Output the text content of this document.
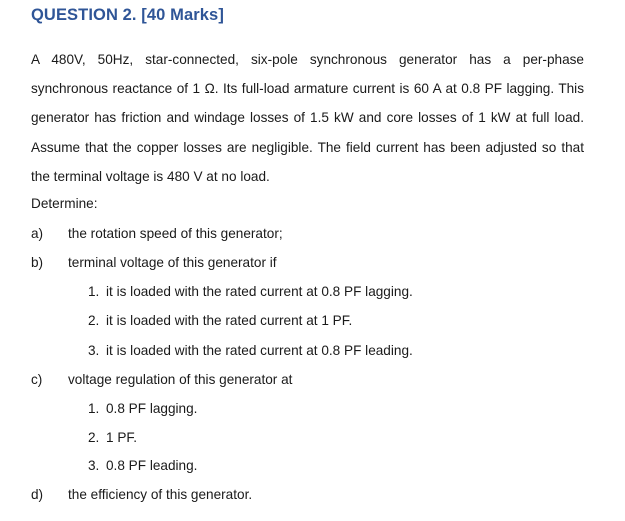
QUESTION 2. [40 Marks]
A 480V, 50Hz, star-connected, six-pole synchronous generator has a per-phase synchronous reactance of 1 Ω. Its full-load armature current is 60 A at 0.8 PF lagging. This generator has friction and windage losses of 1.5 kW and core losses of 1 kW at full load. Assume that the copper losses are negligible. The field current has been adjusted so that the terminal voltage is 480 V at no load.
Determine:
a) the rotation speed of this generator;
b) terminal voltage of this generator if
1. it is loaded with the rated current at 0.8 PF lagging.
2. it is loaded with the rated current at 1 PF.
3. it is loaded with the rated current at 0.8 PF leading.
c) voltage regulation of this generator at
1. 0.8 PF lagging.
2. 1 PF.
3. 0.8 PF leading.
d) the efficiency of this generator.
